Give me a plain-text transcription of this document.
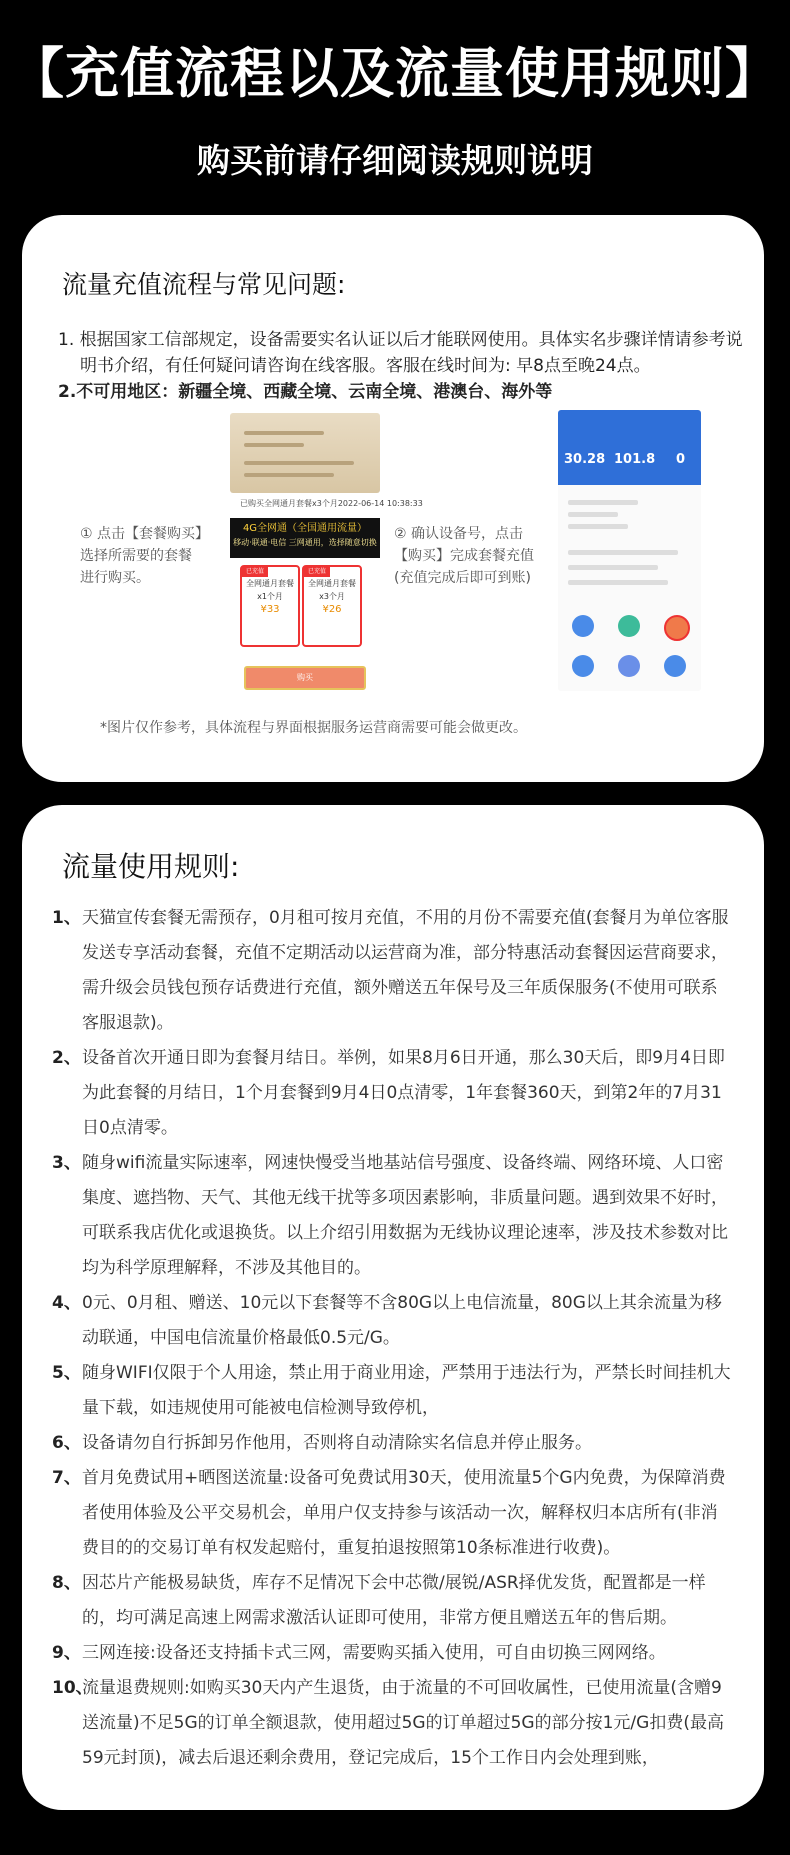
【充值流程以及流量使用规则】
购买前请仔细阅读规则说明
流量充值流程与常见问题:

1. 根据国家工信部规定，设备需要实名认证以后才能联网使用。具体实名步骤详情请参考说明书介绍，有任何疑问请咨询在线客服。客服在线时间为: 早8点至晚24点。

2.不可用地区：新疆全境、西藏全境、云南全境、港澳台、海外等

已购买全网通月套餐x3个月2022-06-14 10:38:33
4G全网通（全国通用流量）
移动·联通·电信 三网通用，选择随意切换
已充值
全网通月套餐
x1个月
¥33
已充值
全网通月套餐
x3个月
¥26
购买
① 点击【套餐购买】
选择所需要的套餐
进行购买。
② 确认设备号，点击
【购买】完成套餐充值
(充值完成后即可到账)
30.28 101.8 0
*图片仅作参考，具体流程与界面根据服务运营商需要可能会做更改。
流量使用规则:
1、 天猫宣传套餐无需预存，0月租可按月充值，不用的月份不需要充值(套餐月为单位客服发送专享活动套餐，充值不定期活动以运营商为准，部分特惠活动套餐因运营商要求，需升级会员钱包预存话费进行充值，额外赠送五年保号及三年质保服务(不使用可联系客服退款)。
2、 设备首次开通日即为套餐月结日。举例，如果8月6日开通，那么30天后，即9月4日即为此套餐的月结日，1个月套餐到9月4日0点清零，1年套餐360天，到第2年的7月31日0点清零。
3、 随身wifi流量实际速率，网速快慢受当地基站信号强度、设备终端、网络环境、人口密集度、遮挡物、天气、其他无线干扰等多项因素影响，非质量问题。遇到效果不好时，可联系我店优化或退换货。以上介绍引用数据为无线协议理论速率，涉及技术参数对比均为科学原理解释，不涉及其他目的。
4、 0元、0月租、赠送、10元以下套餐等不含80G以上电信流量，80G以上其余流量为移动联通，中国电信流量价格最低0.5元/G。
5、 随身WIFI仅限于个人用途，禁止用于商业用途，严禁用于违法行为，严禁长时间挂机大量下载，如违规使用可能被电信检测导致停机，
6、 设备请勿自行拆卸另作他用，否则将自动清除实名信息并停止服务。
7、 首月免费试用+晒图送流量:设备可免费试用30天，使用流量5个G内免费，为保障消费者使用体验及公平交易机会，单用户仅支持参与该活动一次，解释权归本店所有(非消费目的的交易订单有权发起赔付，重复拍退按照第10条标准进行收费)。
8、 因芯片产能极易缺货，库存不足情况下会中芯微/展锐/ASR择优发货，配置都是一样的，均可满足高速上网需求激活认证即可使用，非常方便且赠送五年的售后期。
9、 三网连接:设备还支持插卡式三网，需要购买插入使用，可自由切换三网网络。
10、
流量退费规则:如购买30天内产生退货，由于流量的不可回收属性，已使用流量(含赠9送流量)不足5G的订单全额退款，使用超过5G的订单超过5G的部分按1元/G扣费(最高59元封顶)，减去后退还剩余费用，登记完成后，15个工作日内会处理到账，
